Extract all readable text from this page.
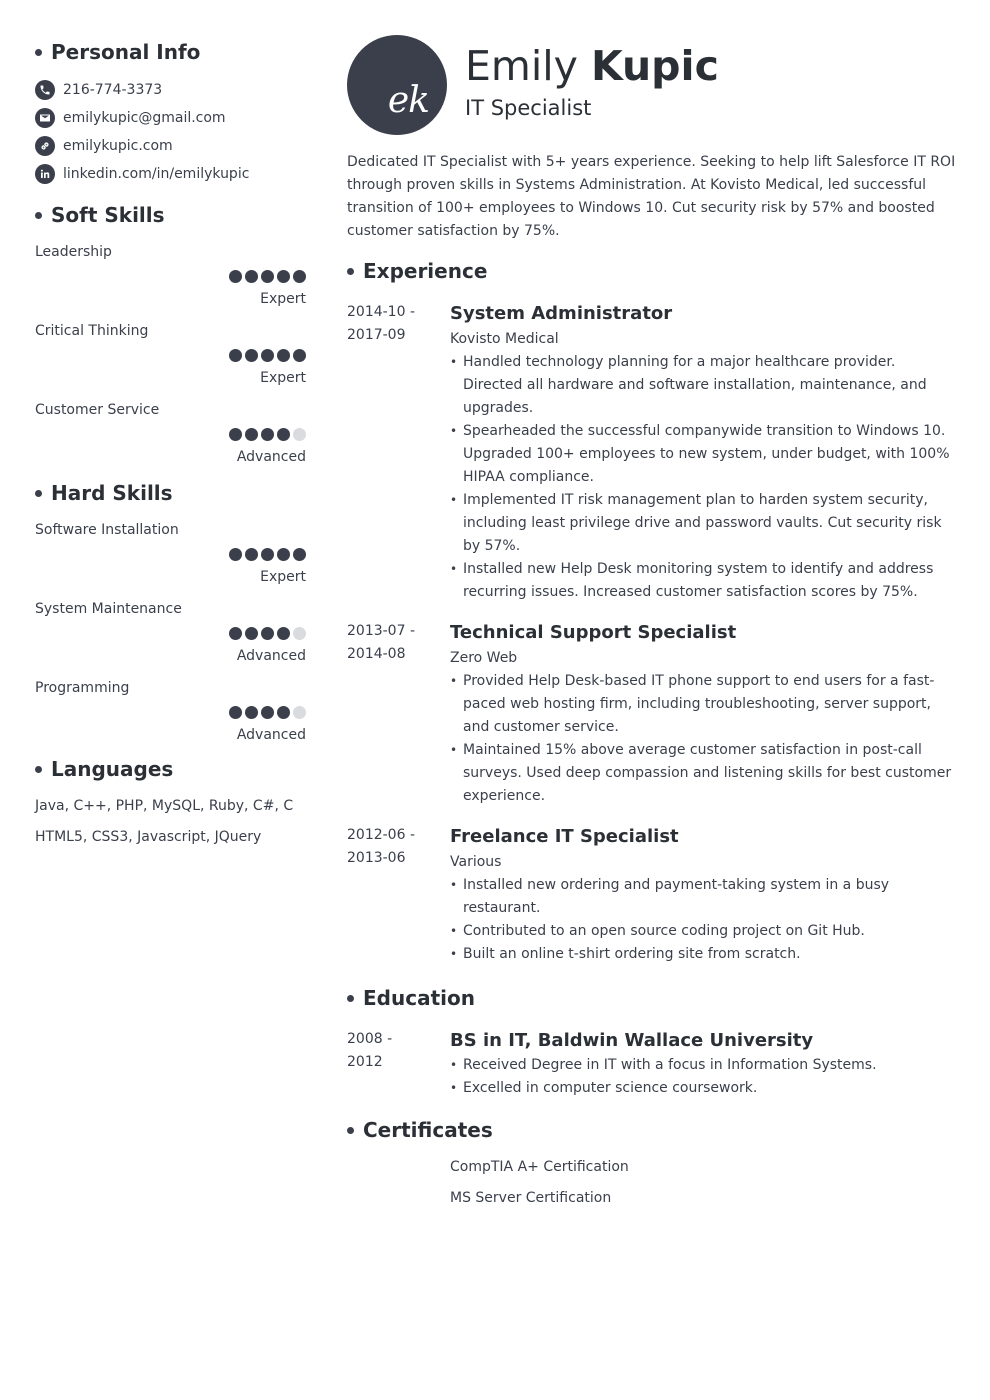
Personal Info
216-774-3373
emilykupic@gmail.com
emilykupic.com
linkedin.com/in/emilykupic
Soft Skills
Leadership
Expert
Critical Thinking
Expert
Customer Service
Advanced
Hard Skills
Software Installation
Expert
System Maintenance
Advanced
Programming
Advanced
Languages
Java, C++, PHP, MySQL, Ruby, C#, C
HTML5, CSS3, Javascript, JQuery
ek
Emily Kupic
IT Specialist

Dedicated IT Specialist with 5+ years experience. Seeking to help lift Salesforce IT ROI through proven skills in Systems Administration. At Kovisto Medical, led successful transition of 100+ employees to Windows 10. Cut security risk by 57% and boosted customer satisfaction by 75%.

Experience
2014-10 -
2017-09
System Administrator
Kovisto Medical
• Handled technology planning for a major healthcare provider. Directed all hardware and software installation, maintenance, and upgrades.
• Spearheaded the successful companywide transition to Windows 10. Upgraded 100+ employees to new system, under budget, with 100% HIPAA compliance.
• Implemented IT risk management plan to harden system security, including least privilege drive and password vaults. Cut security risk by 57%.
• Installed new Help Desk monitoring system to identify and address recurring issues. Increased customer satisfaction scores by 75%.
2013-07 -
2014-08
Technical Support Specialist
Zero Web
• Provided Help Desk-based IT phone support to end users for a fast-paced web hosting firm, including troubleshooting, server support, and customer service.
• Maintained 15% above average customer satisfaction in post-call surveys. Used deep compassion and listening skills for best customer experience.
2012-06 -
2013-06
Freelance IT Specialist
Various
• Installed new ordering and payment-taking system in a busy restaurant.
• Contributed to an open source coding project on Git Hub.
• Built an online t-shirt ordering site from scratch.
Education
2008 -
2012
BS in IT, Baldwin Wallace University
• Received Degree in IT with a focus in Information Systems.
• Excelled in computer science coursework.
Certificates
CompTIA A+ Certification
MS Server Certification
